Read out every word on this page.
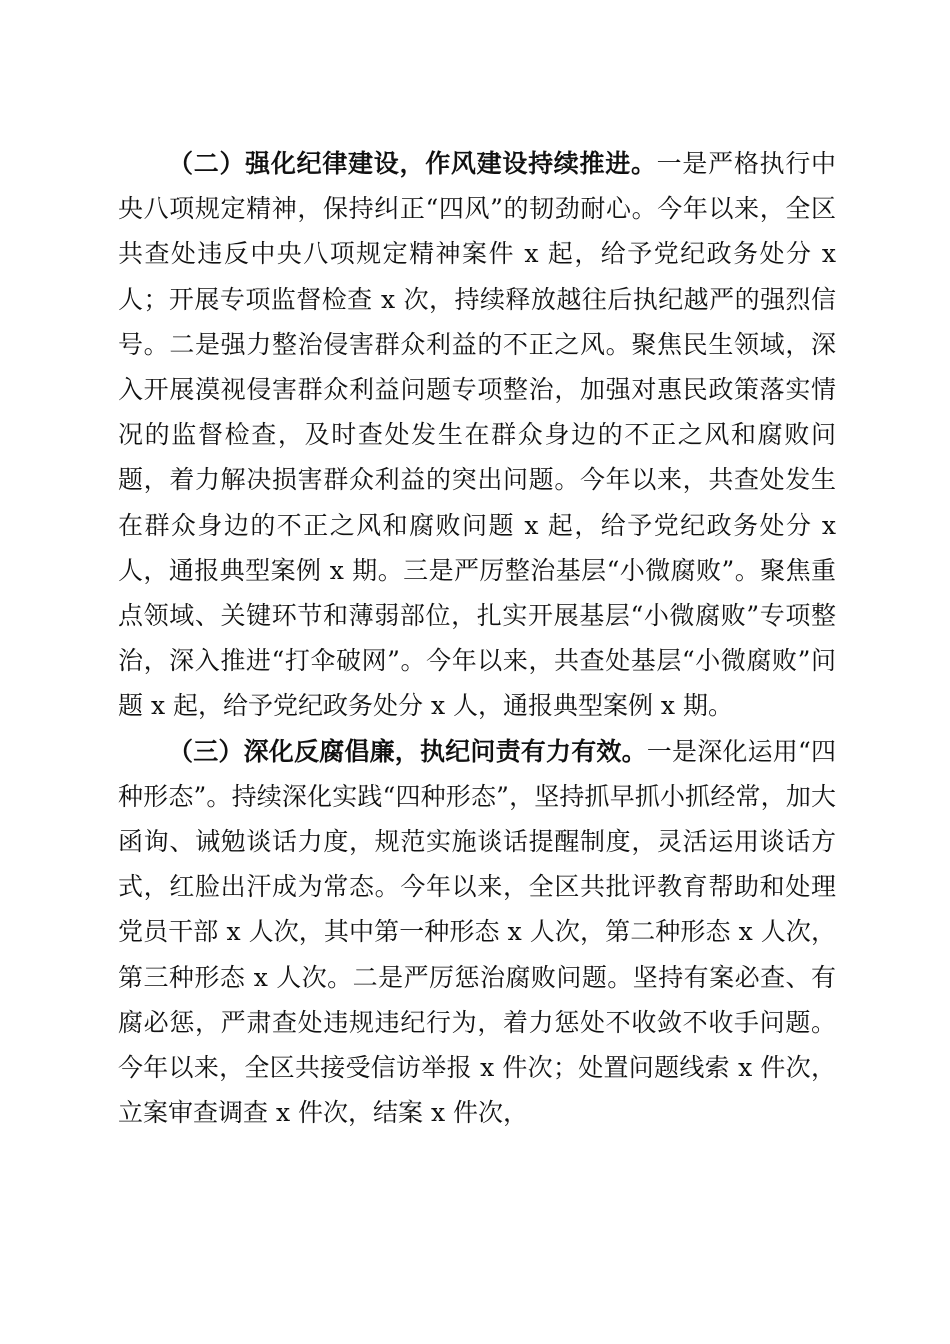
（二）强化纪律建设，作风建设持续推进。一是严格执行中央八项规定精神，保持纠正“四风”的韧劲耐心。今年以来，全区共查处违反中央八项规定精神案件 x 起，给予党纪政务处分 x 人；开展专项监督检查 x 次，持续释放越往后执纪越严的强烈信号。二是强力整治侵害群众利益的不正之风。聚焦民生领域，深入开展漠视侵害群众利益问题专项整治，加强对惠民政策落实情况的监督检查，及时查处发生在群众身边的不正之风和腐败问题，着力解决损害群众利益的突出问题。今年以来，共查处发生在群众身边的不正之风和腐败问题 x 起，给予党纪政务处分 x 人，通报典型案例 x 期。三是严厉整治基层“小微腐败”。聚焦重点领域、关键环节和薄弱部位，扎实开展基层“小微腐败”专项整治，深入推进“打伞破网”。今年以来，共查处基层“小微腐败”问题 x 起，给予党纪政务处分 x 人，通报典型案例 x 期。

（三）深化反腐倡廉，执纪问责有力有效。一是深化运用“四种形态”。持续深化实践“四种形态”，坚持抓早抓小抓经常，加大函询、诫勉谈话力度，规范实施谈话提醒制度，灵活运用谈话方式，红脸出汗成为常态。今年以来，全区共批评教育帮助和处理党员干部 x 人次，其中第一种形态 x 人次，第二种形态 x 人次，第三种形态 x 人次。二是严厉惩治腐败问题。坚持有案必查、有腐必惩，严肃查处违规违纪行为，着力惩处不收敛不收手问题。今年以来，全区共接受信访举报 x 件次；处置问题线索 x 件次，立案审查调查 x 件次，结案 x 件次，
